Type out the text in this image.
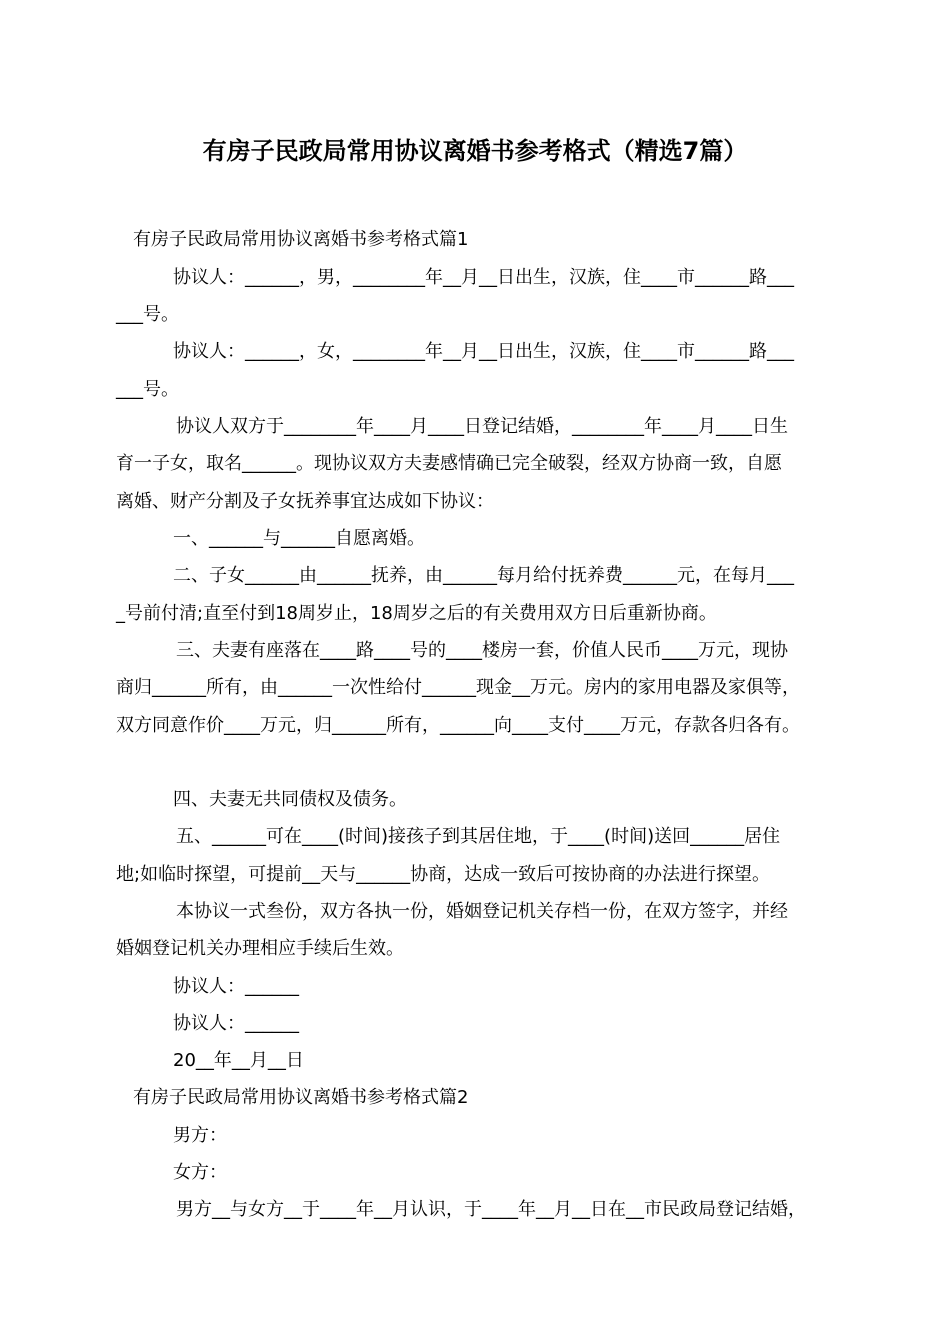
有房子民政局常用协议离婚书参考格式（精选7篇）
有房子民政局常用协议离婚书参考格式篇1
协议人：______，男，________年__月__日出生，汉族，住____市______路___
___号。
协议人：______，女，________年__月__日出生，汉族，住____市______路___
___号。
协议人双方于________年____月____日登记结婚，________年____月____日生
育一子女，取名______。现协议双方夫妻感情确已完全破裂，经双方协商一致，自愿
离婚、财产分割及子女抚养事宜达成如下协议：
一、______与______自愿离婚。
二、子女______由______抚养，由______每月给付抚养费______元，在每月___
_号前付清;直至付到18周岁止，18周岁之后的有关费用双方日后重新协商。
三、夫妻有座落在____路____号的____楼房一套，价值人民币____万元，现协
商归______所有，由______一次性给付______现金__万元。房内的家用电器及家俱等，
双方同意作价____万元，归______所有，______向____支付____万元，存款各归各有。
四、夫妻无共同债权及债务。
五、______可在____(时间)接孩子到其居住地，于____(时间)送回______居住
地;如临时探望，可提前__天与______协商，达成一致后可按协商的办法进行探望。
本协议一式叁份，双方各执一份，婚姻登记机关存档一份，在双方签字，并经
婚姻登记机关办理相应手续后生效。
协议人：______
协议人：______
20__年__月__日
有房子民政局常用协议离婚书参考格式篇2
男方：
女方：
男方__与女方__于____年__月认识，于____年__月__日在__市民政局登记结婚，
